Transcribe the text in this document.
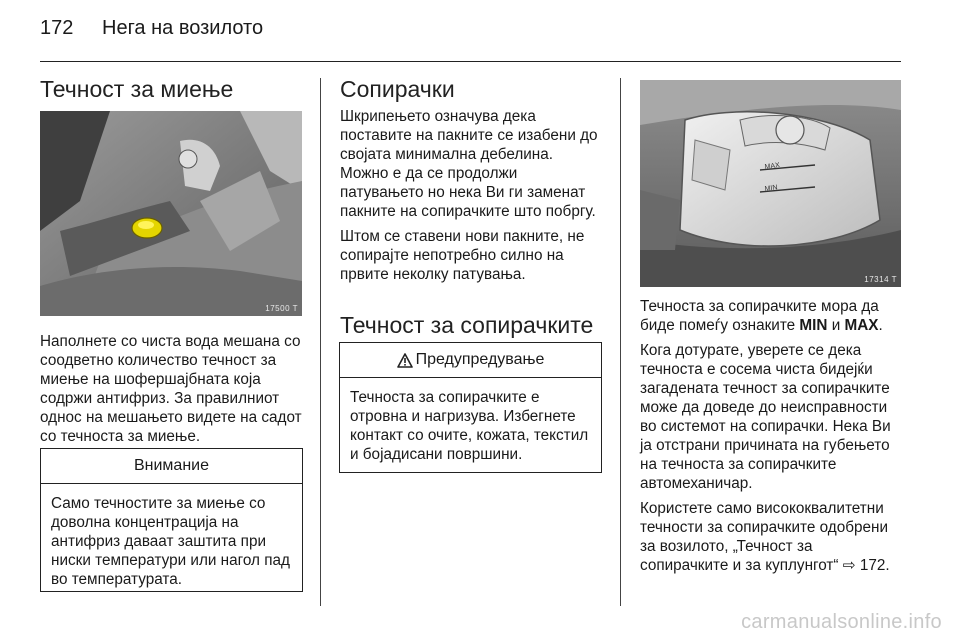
172 Нега на возилото
Течност за миење
17500 T

Наполнете со чиста вода мешана со соодветно количество течност за миење на шофершајбната која содржи антифриз. За правилниот однос на мешањето видете на садот со течноста за миење.

Внимание
Само течностите за миење со доволна концентрација на антифриз даваат заштита при ниски температури или нагол пад во температурата.
Сопирачки

Шкрипењето означува дека поставите на пакните се изабени до својата минимална дебелина. Можно е да се продолжи патувањето но нека Ви ги заменат пакните на сопирачките што побргу.

Штом се ставени нови пакните, не сопирајте непотребно силно на првите неколку патувања.

Течност за сопирачките
Предупредување
Течноста за сопирачките е отровна и нагризува. Избегнете контакт со очите, кожата, текстил и бојадисани површини.
MAX
MIN
17314 T

Течноста за сопирачките мора да биде помеѓу ознаките MIN и MAX.

Кога дотурате, уверете се дека течноста е сосема чиста бидејќи загадената течност за сопирачките може да доведе до неисправности во системот на сопирачки. Нека Ви ја отстрани причината на губењето на течноста за сопирачките автомеханичар.

Користете само висококвалитетни течности за сопирачките одобрени за возилото, „Течност за сопирачките и за куплунгот“ ⇨ 172.

carmanualsonline.info
